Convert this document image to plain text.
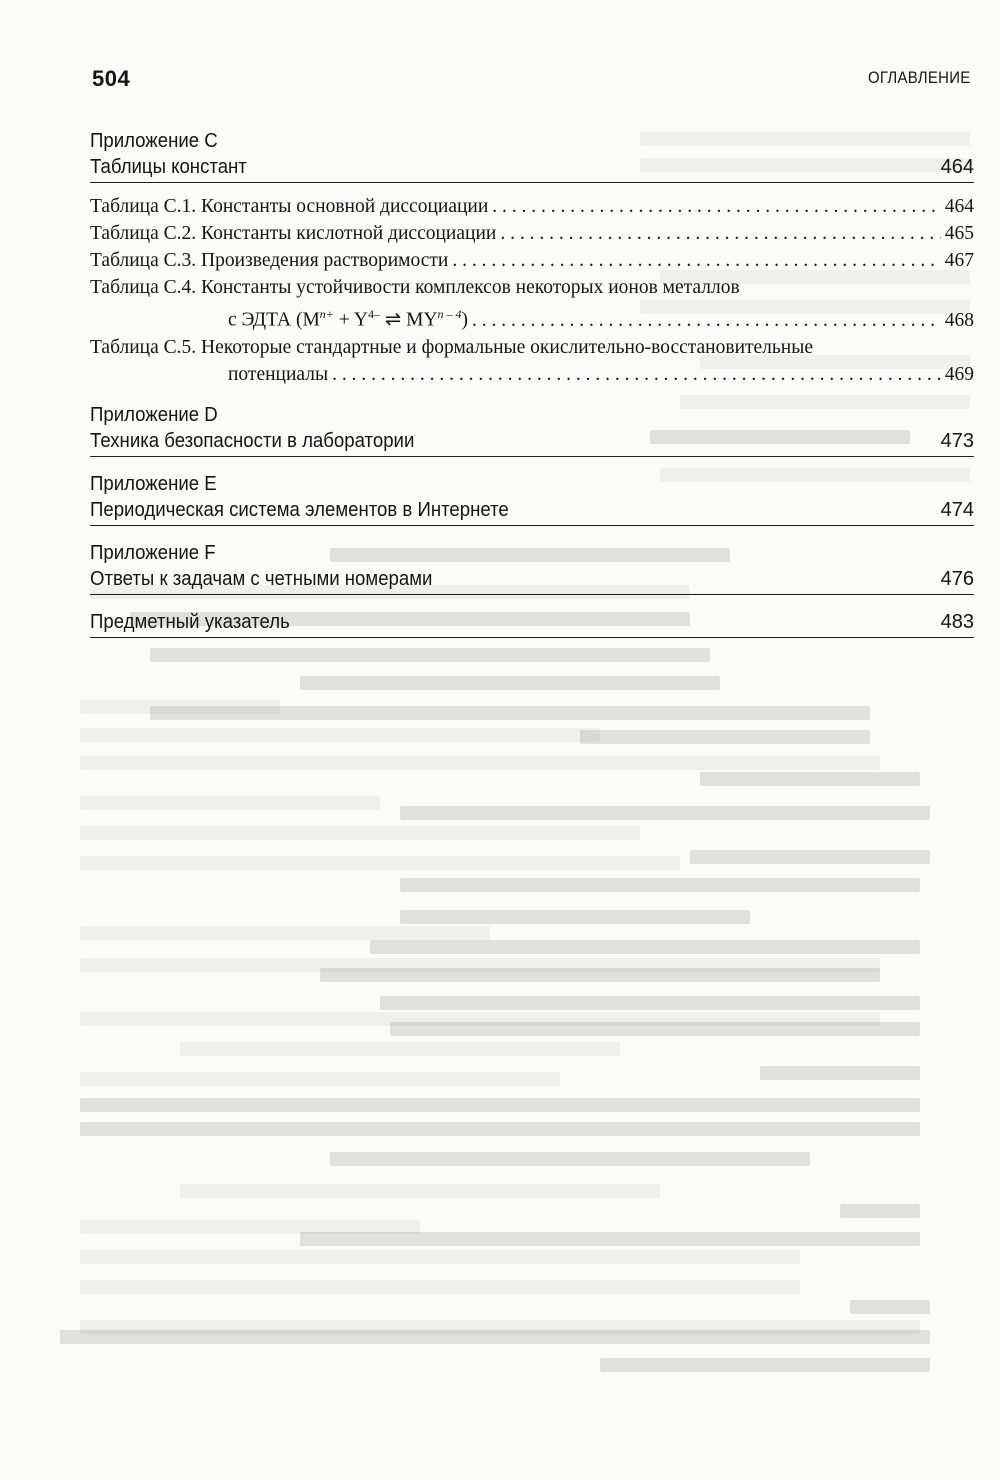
504	ОГЛАВЛЕНИЕ
Приложение С
Таблицы констант	464
Таблица С.1. Константы основной диссоциации . . .	464
Таблица С.2. Константы кислотной диссоциации . . .	465
Таблица С.3. Произведения растворимости . . .	467
Таблица С.4. Константы устойчивости комплексов некоторых ионов металлов
с ЭДТА ($M^{n+} + Y^{4-}$ ⇌ MY$^{n - 4}$) . . .	468
Таблица С.5. Некоторые стандартные и формальные окислительно-восстановительные
потенциалы . . .	469
Приложение D
Техника безопасности в лаборатории	473
Приложение E
Периодическая система элементов в Интернете	474
Приложение F
Ответы к задачам с четными номерами	476
Предметный указатель	483
